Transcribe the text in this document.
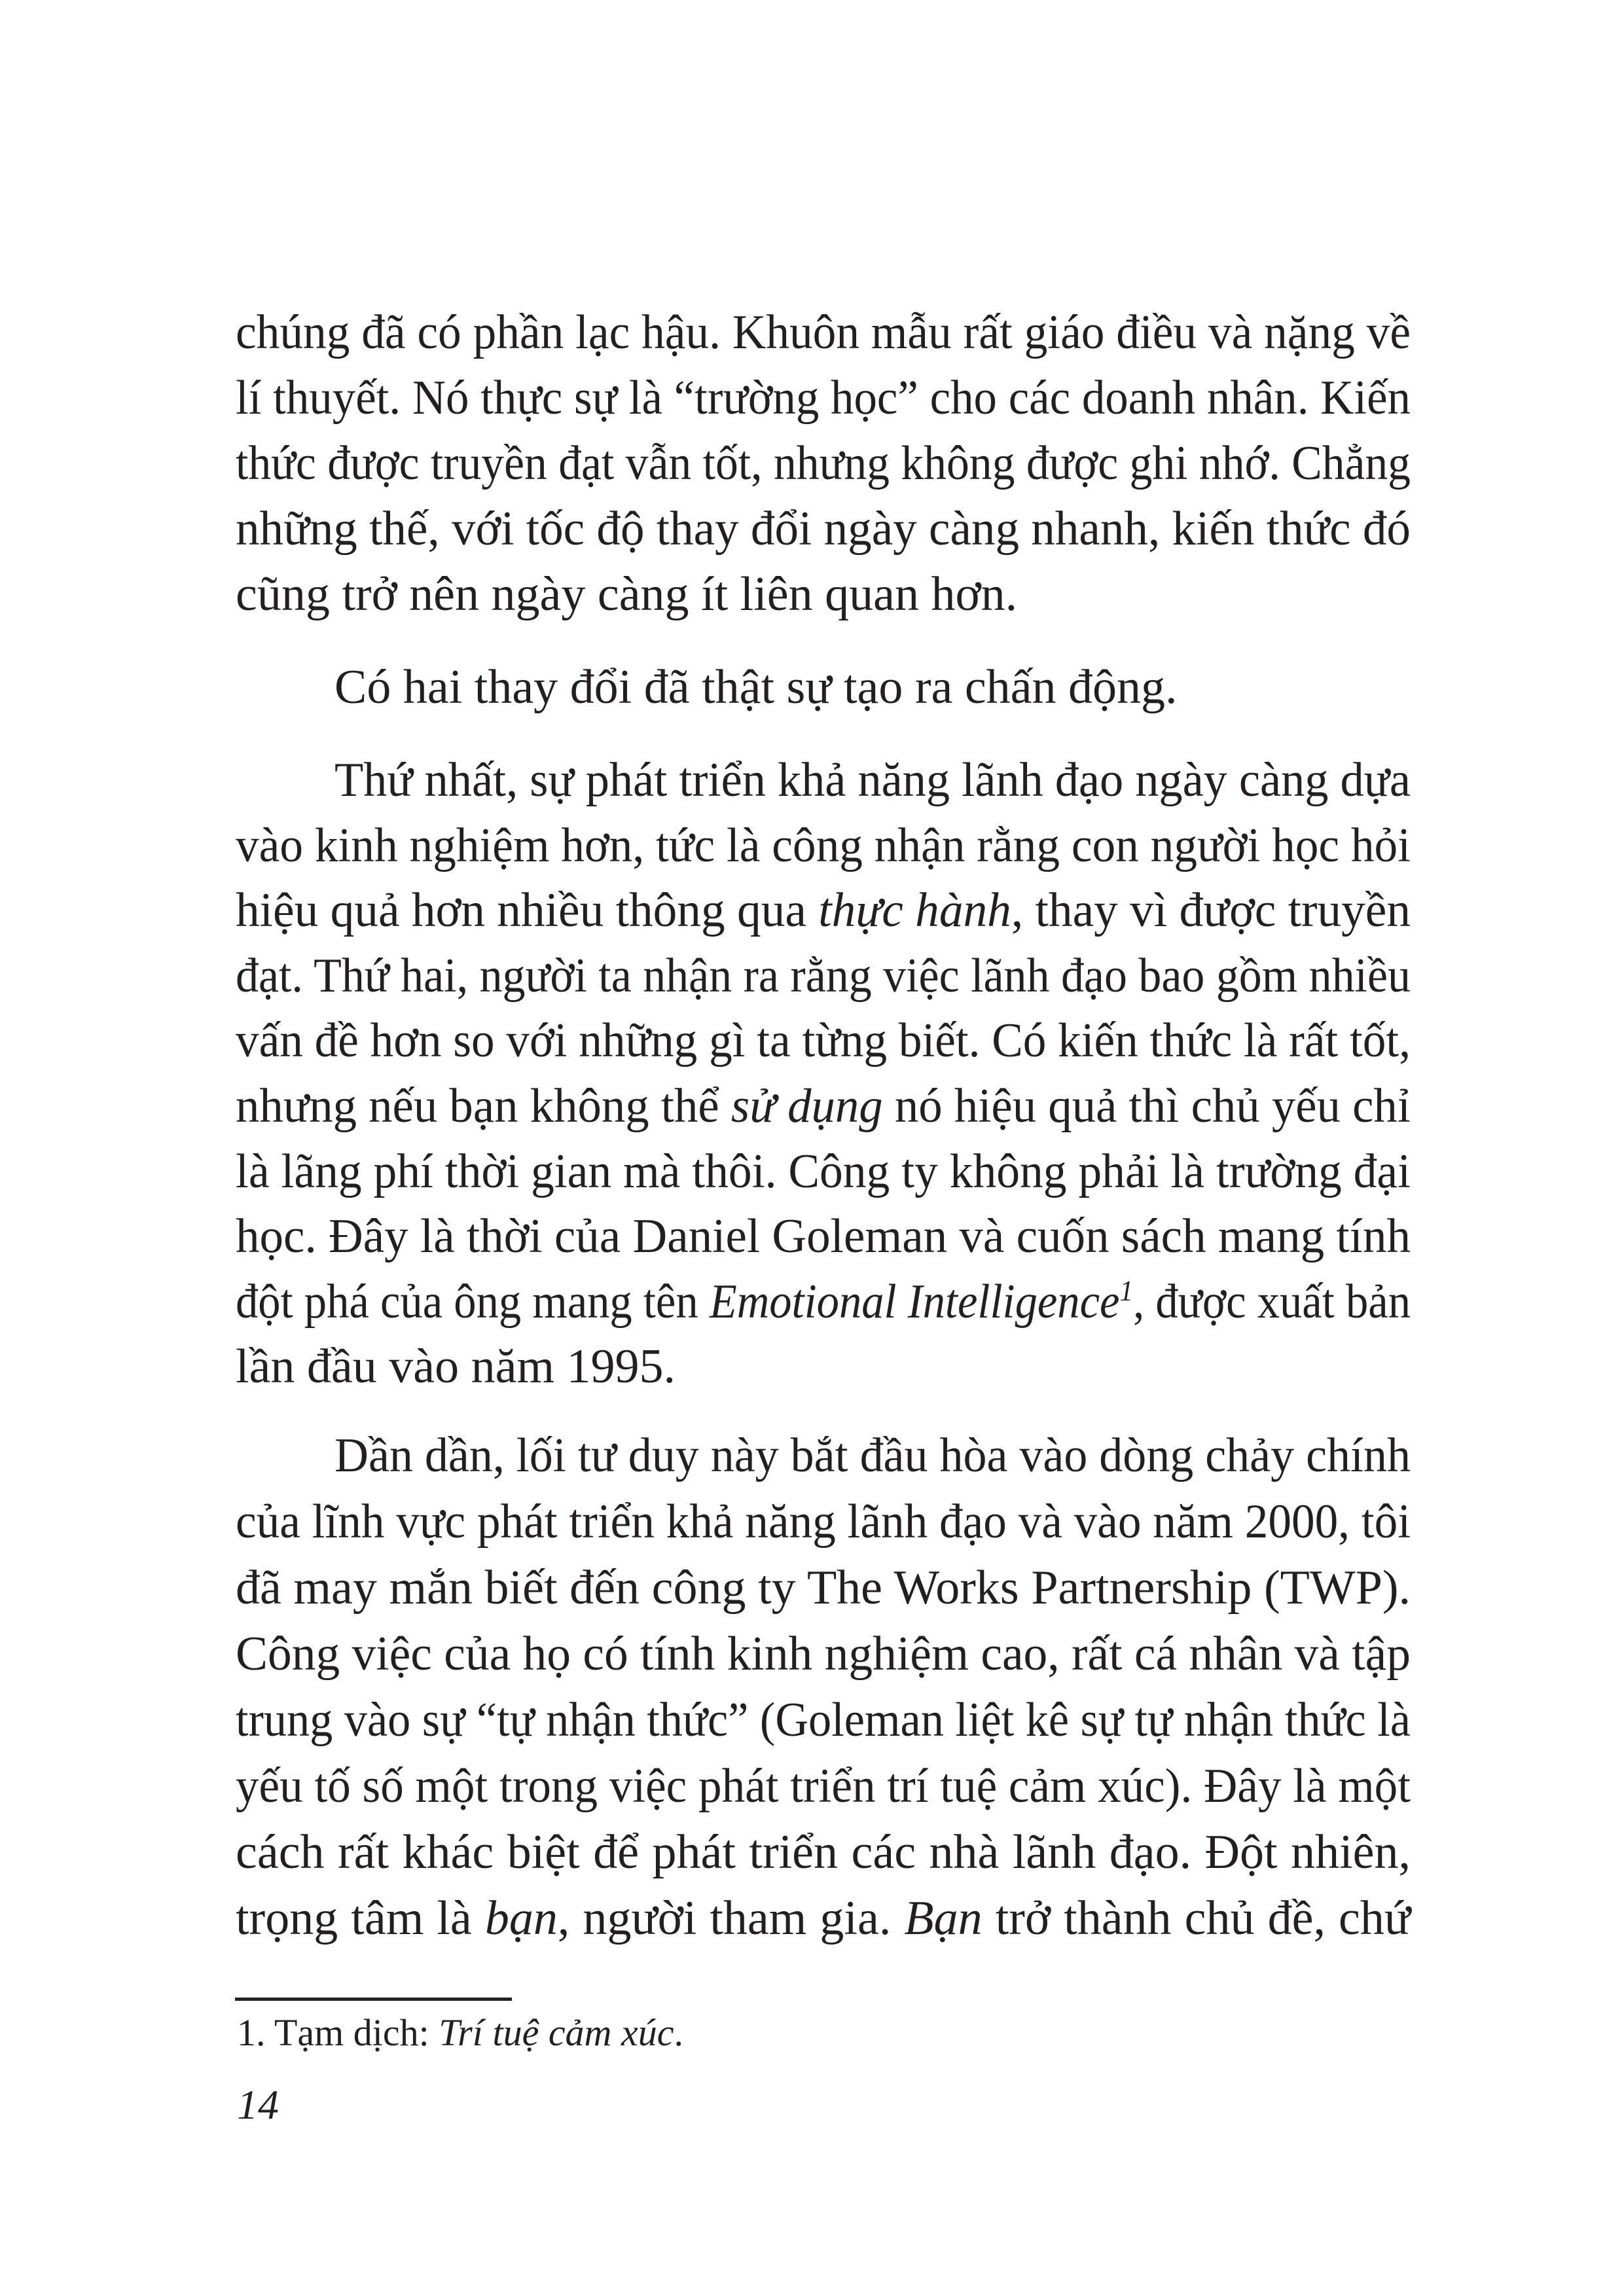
chúng đã có phần lạc hậu. Khuôn mẫu rất giáo điều và nặng về
lí thuyết. Nó thực sự là “trường học” cho các doanh nhân. Kiến
thức được truyền đạt vẫn tốt, nhưng không được ghi nhớ. Chẳng
những thế, với tốc độ thay đổi ngày càng nhanh, kiến thức đó
cũng trở nên ngày càng ít liên quan hơn.
Có hai thay đổi đã thật sự tạo ra chấn động.
Thứ nhất, sự phát triển khả năng lãnh đạo ngày càng dựa
vào kinh nghiệm hơn, tức là công nhận rằng con người học hỏi
hiệu quả hơn nhiều thông qua thực hành, thay vì được truyền
đạt. Thứ hai, người ta nhận ra rằng việc lãnh đạo bao gồm nhiều
vấn đề hơn so với những gì ta từng biết. Có kiến thức là rất tốt,
nhưng nếu bạn không thể sử dụng nó hiệu quả thì chủ yếu chỉ
là lãng phí thời gian mà thôi. Công ty không phải là trường đại
học. Đây là thời của Daniel Goleman và cuốn sách mang tính
đột phá của ông mang tên Emotional Intelligence$^1$, được xuất bản
lần đầu vào năm 1995.
Dần dần, lối tư duy này bắt đầu hòa vào dòng chảy chính
của lĩnh vực phát triển khả năng lãnh đạo và vào năm 2000, tôi
đã may mắn biết đến công ty The Works Partnership (TWP).
Công việc của họ có tính kinh nghiệm cao, rất cá nhân và tập
trung vào sự “tự nhận thức” (Goleman liệt kê sự tự nhận thức là
yếu tố số một trong việc phát triển trí tuệ cảm xúc). Đây là một
cách rất khác biệt để phát triển các nhà lãnh đạo. Đột nhiên,
trọng tâm là bạn, người tham gia. Bạn trở thành chủ đề, chứ
1. Tạm dịch: Trí tuệ cảm xúc.
14
